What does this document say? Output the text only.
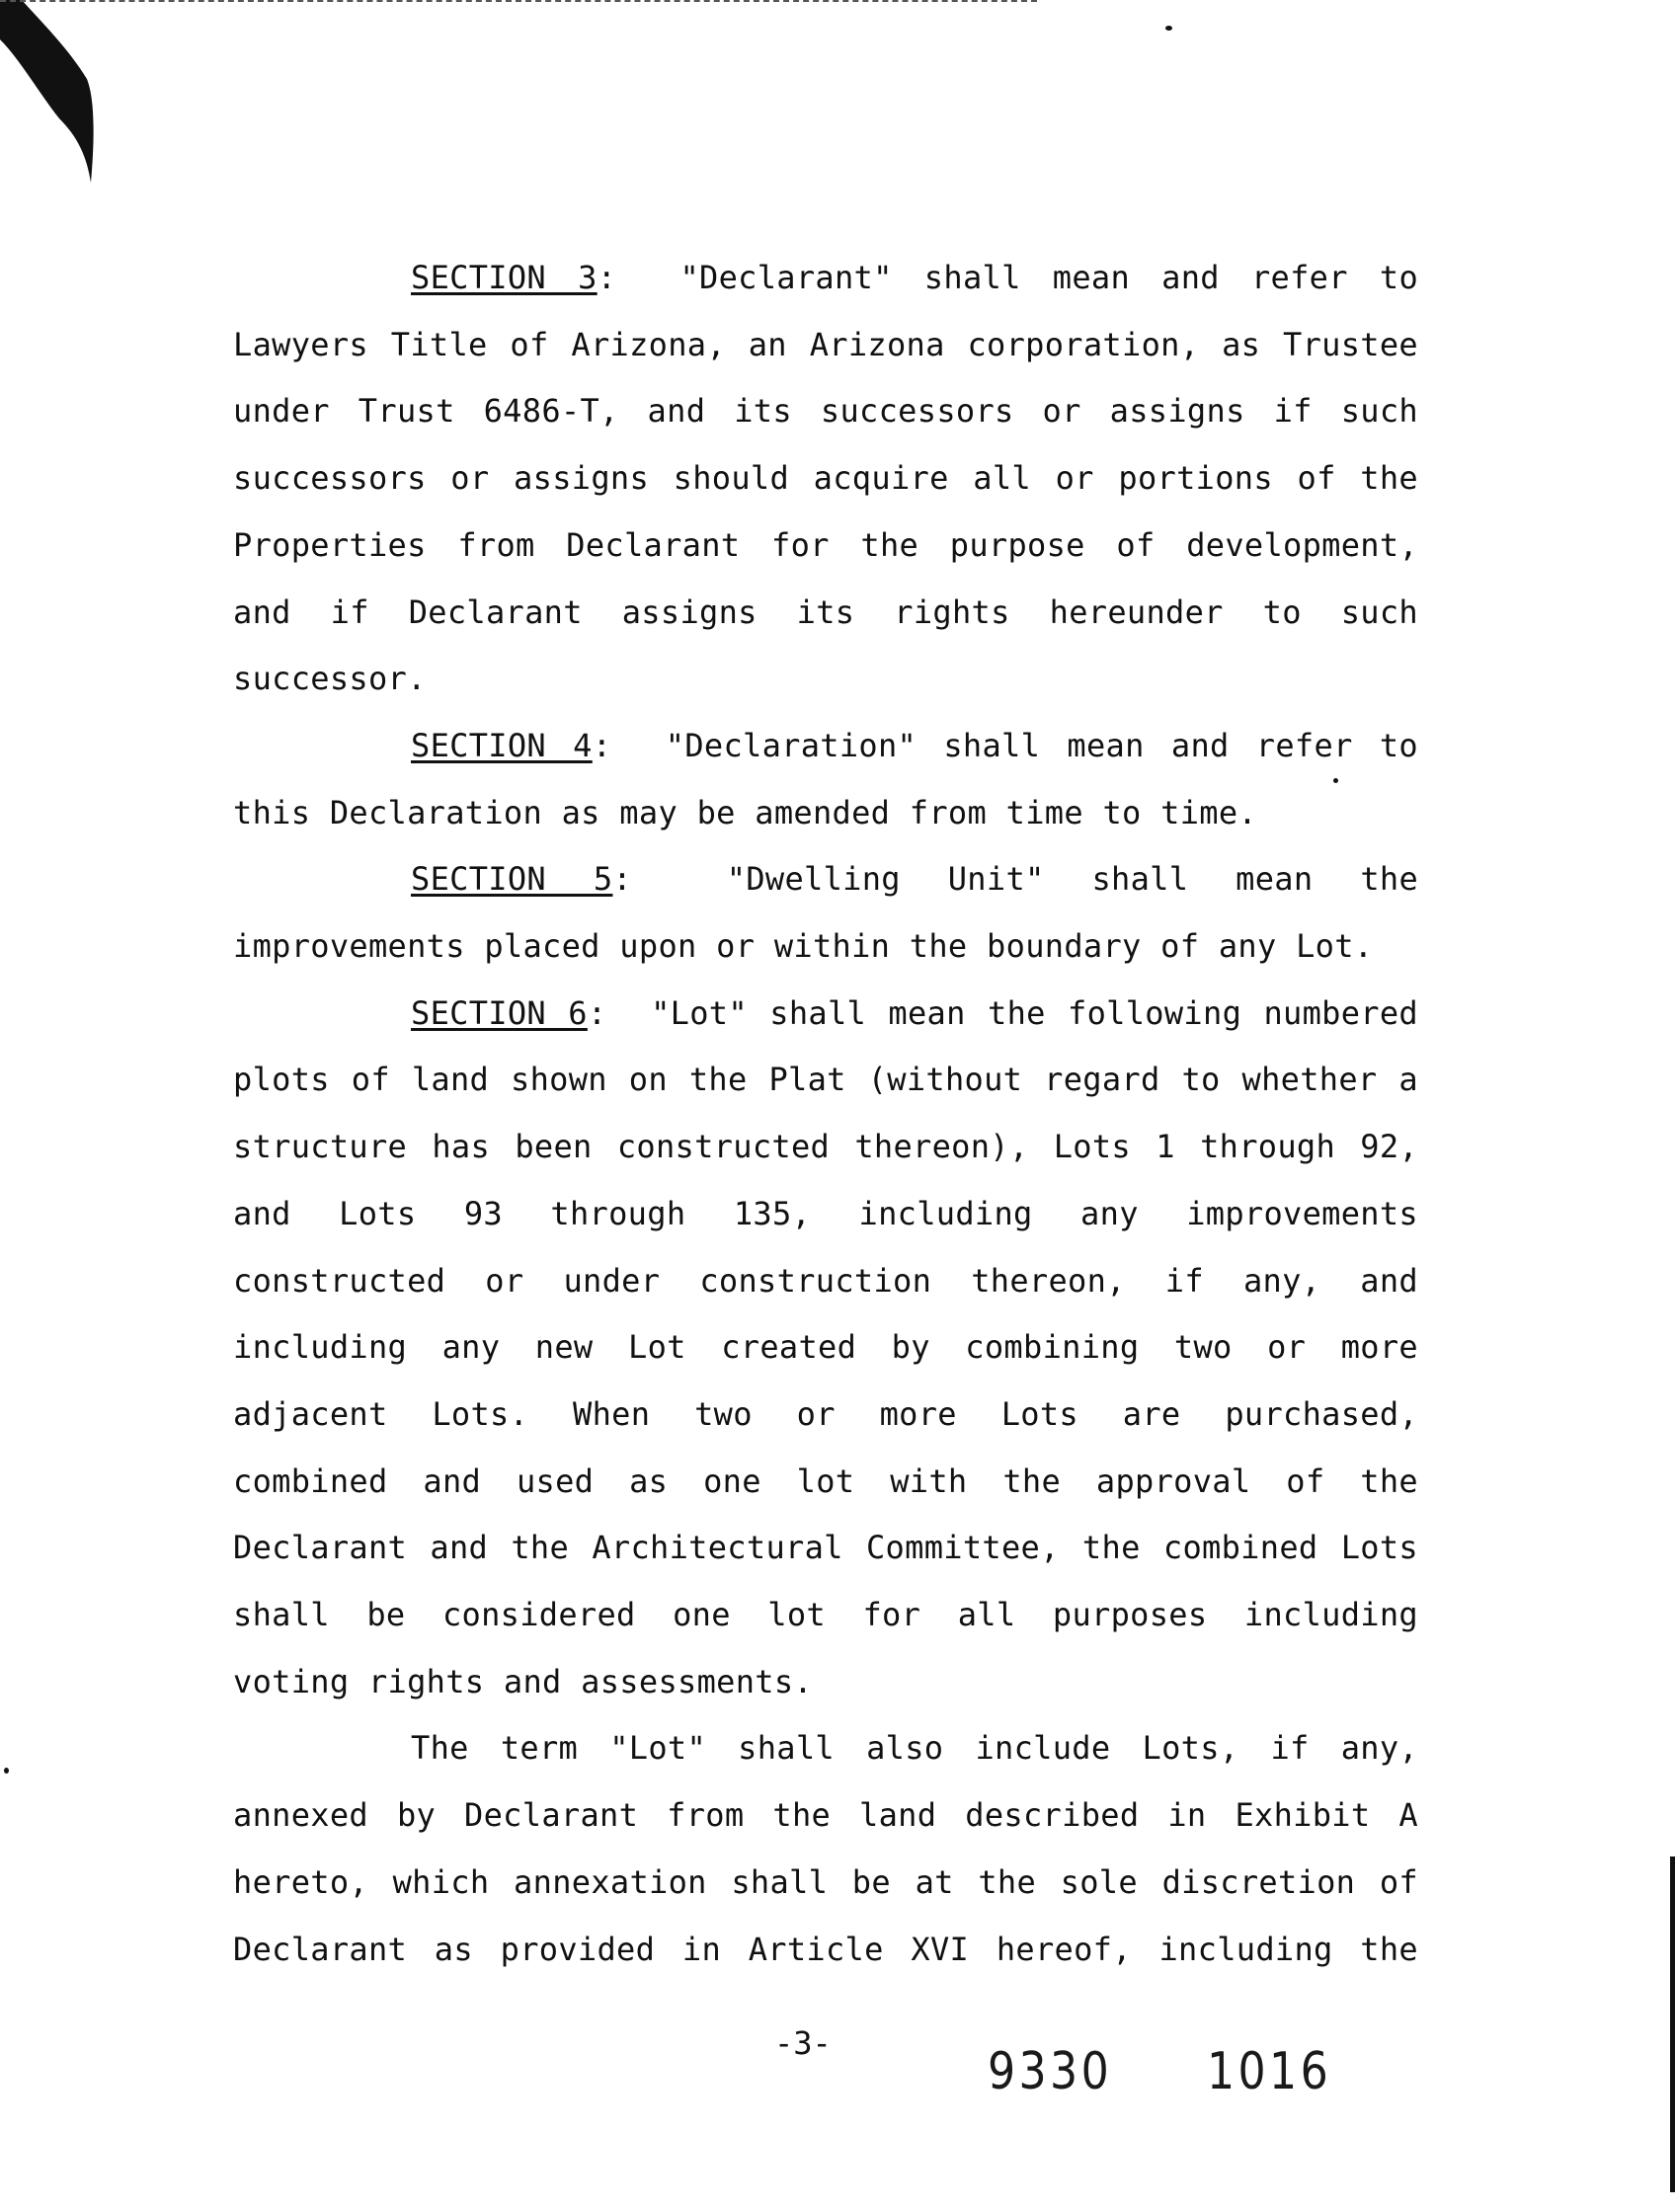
SECTION 3:  "Declarant" shall mean and refer to

Lawyers Title of Arizona, an Arizona corporation, as Trustee

under Trust 6486-T, and its successors or assigns if such

successors or assigns should acquire all or portions of the

Properties from Declarant for the purpose of development,

and if Declarant assigns its rights hereunder to such

successor.

SECTION 4:  "Declaration" shall mean and refer to

this Declaration as may be amended from time to time.

SECTION 5:  "Dwelling Unit" shall mean the

improvements placed upon or within the boundary of any Lot.

SECTION 6:  "Lot" shall mean the following numbered

plots of land shown on the Plat (without regard to whether a

structure has been constructed thereon), Lots 1 through 92,

and Lots 93 through 135, including any improvements

constructed or under construction thereon, if any, and

including any new Lot created by combining two or more

adjacent Lots. When two or more Lots are purchased,

combined and used as one lot with the approval of the

Declarant and the Architectural Committee, the combined Lots

shall be considered one lot for all purposes including

voting rights and assessments.

The term "Lot" shall also include Lots, if any,

annexed by Declarant from the land described in Exhibit A

hereto, which annexation shall be at the sole discretion of

Declarant as provided in Article XVI hereof, including the

-3-	9330 1016
